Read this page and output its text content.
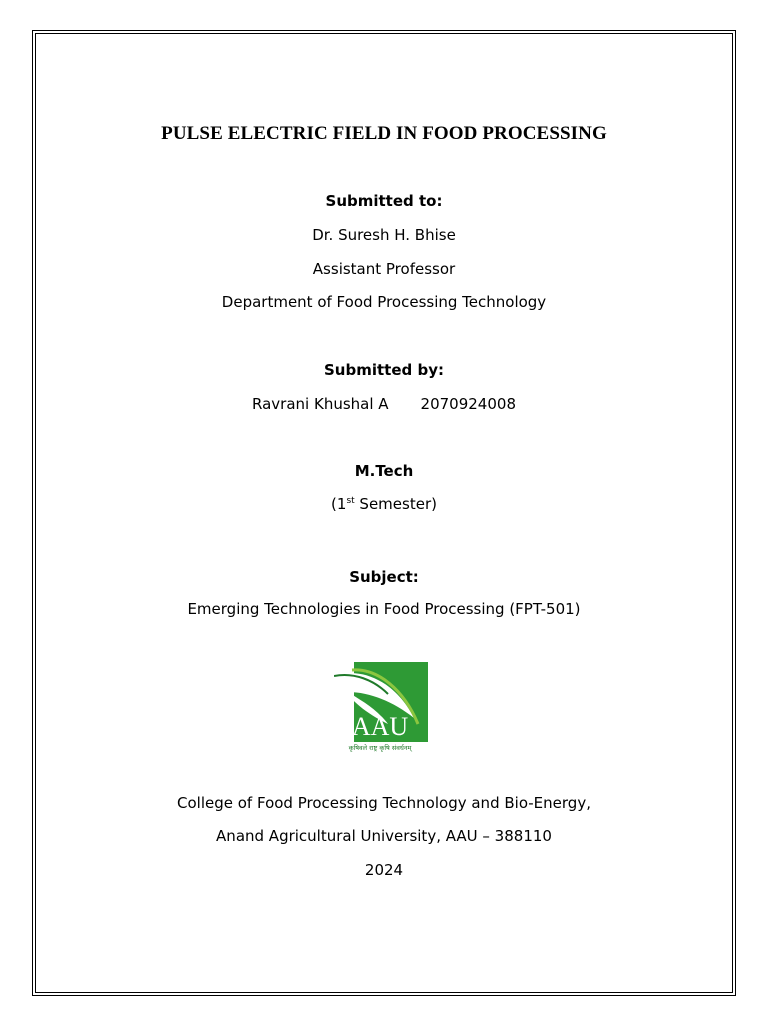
PULSE ELECTRIC FIELD IN FOOD PROCESSING
Submitted to:
Dr. Suresh H. Bhise
Assistant Professor
Department of Food Processing Technology
Submitted by:
Ravrani Khushal A 2070924008
M.Tech
(1st Semester)
Subject:
Emerging Technologies in Food Processing (FPT-501)
AAU
कृषिवले राष्ट्र कृषि संवर्धनम्
College of Food Processing Technology and Bio-Energy,
Anand Agricultural University, AAU – 388110
2024
